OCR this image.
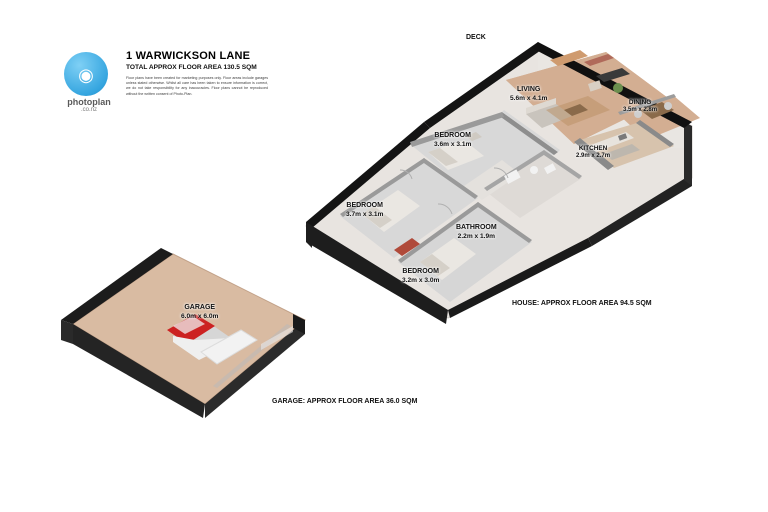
◉
photoplan
.co.nz
1 WARWICKSON LANE
TOTAL APPROX FLOOR AREA 130.5 SQM
Floor plans have been created for marketing purposes only. Floor areas include garages unless stated otherwise. Whilst all care has been taken to ensure information is correct, we do not take responsibility for any inaccuracies. Floor plans cannot be reproduced without the written consent of Photo-Plan.
GARAGE
6.0m x 6.0m
GARAGE: APPROX FLOOR AREA 36.0 SQM
DECK
LIVING
5.6m x 4.1m
DINING
3.5m x 2.8m
KITCHEN
2.9m x 2.7m
BEDROOM
3.6m x 3.1m
BEDROOM
3.7m x 3.1m
BEDROOM
3.2m x 3.0m
BATHROOM
2.2m x 1.9m
HOUSE: APPROX FLOOR AREA 94.5 SQM
